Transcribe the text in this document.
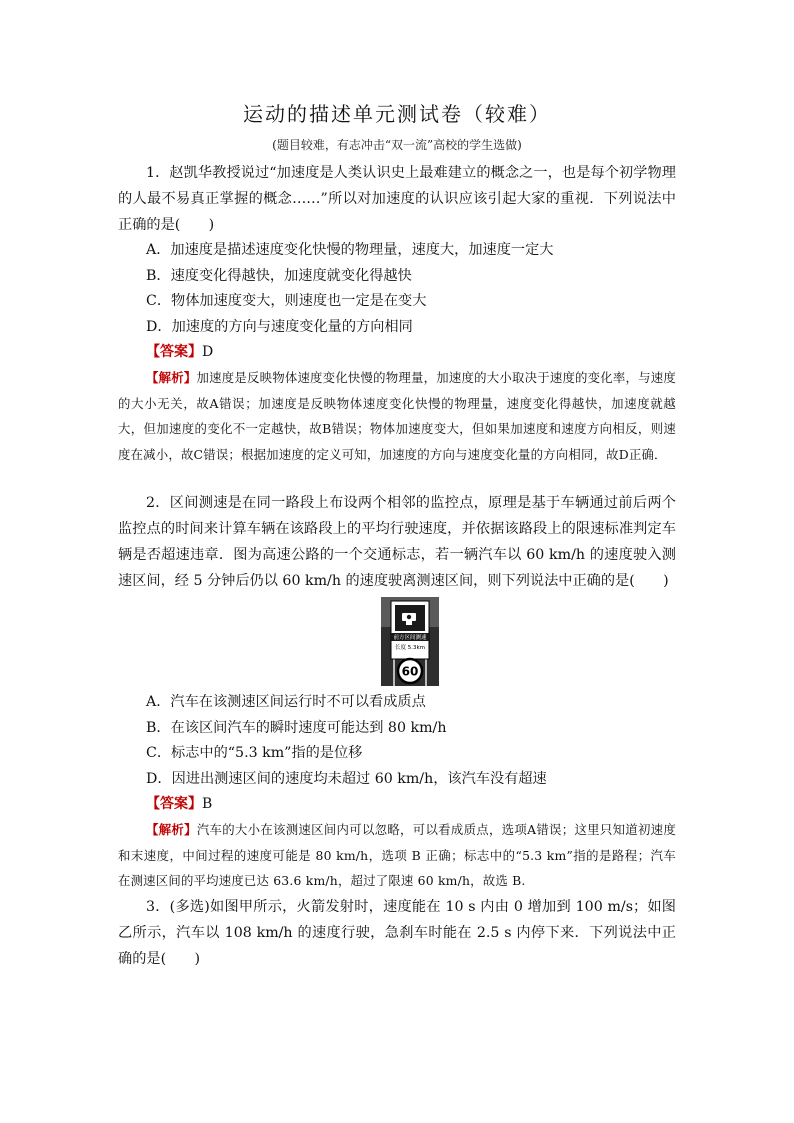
运动的描述单元测试卷（较难）
(题目较难，有志冲击“双一流”高校的学生选做)

1．赵凯华教授说过“加速度是人类认识史上最难建立的概念之一，也是每个初学物理的人最不易真正掌握的概念……”所以对加速度的认识应该引起大家的重视．下列说法中正确的是(　　)

A．加速度是描述速度变化快慢的物理量，速度大，加速度一定大

B．速度变化得越快，加速度就变化得越快

C．物体加速度变大，则速度也一定是在变大

D．加速度的方向与速度变化量的方向相同

【答案】D

【解析】加速度是反映物体速度变化快慢的物理量，加速度的大小取决于速度的变化率，与速度的大小无关，故A错误；加速度是反映物体速度变化快慢的物理量，速度变化得越快，加速度就越大，但加速度的变化不一定越快，故B错误；物体加速度变大，但如果加速度和速度方向相反，则速度在减小，故C错误；根据加速度的定义可知，加速度的方向与速度变化量的方向相同，故D正确．

2．区间测速是在同一路段上布设两个相邻的监控点，原理是基于车辆通过前后两个监控点的时间来计算车辆在该路段上的平均行驶速度，并依据该路段上的限速标准判定车辆是否超速违章．图为高速公路的一个交通标志，若一辆汽车以 60 km/h 的速度驶入测速区间，经 5 分钟后仍以 60 km/h 的速度驶离测速区间，则下列说法中正确的是(　　)

前方区间测速
长度 5.3km
60

A．汽车在该测速区间运行时不可以看成质点

B．在该区间汽车的瞬时速度可能达到 80 km/h

C．标志中的“5.3 km”指的是位移

D．因进出测速区间的速度均未超过 60 km/h，该汽车没有超速

【答案】B

【解析】汽车的大小在该测速区间内可以忽略，可以看成质点，选项A错误；这里只知道初速度和末速度，中间过程的速度可能是 80 km/h，选项 B 正确；标志中的“5.3 km”指的是路程；汽车在测速区间的平均速度已达 63.6 km/h，超过了限速 60 km/h，故选 B.

3．(多选)如图甲所示，火箭发射时，速度能在 10 s 内由 0 增加到 100 m/s；如图乙所示，汽车以 108 km/h 的速度行驶，急刹车时能在 2.5 s 内停下来．下列说法中正确的是(　　)
